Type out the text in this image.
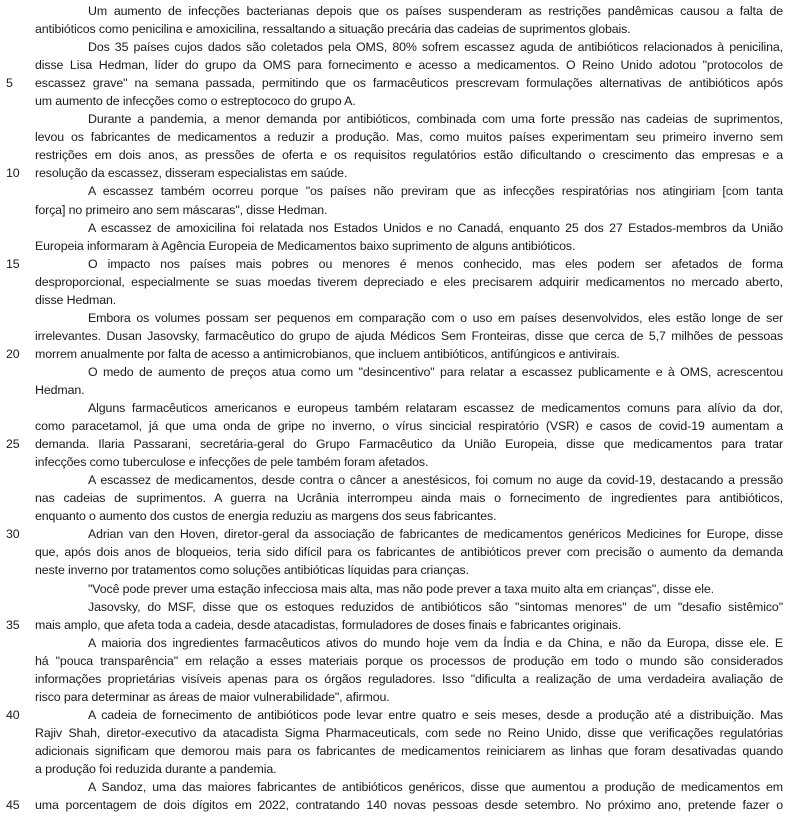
Um aumento de infecções bacterianas depois que os países suspenderam as restrições pandêmicas causou a falta de
antibióticos como penicilina e amoxicilina, ressaltando a situação precária das cadeias de suprimentos globais.
Dos 35 países cujos dados são coletados pela OMS, 80% sofrem escassez aguda de antibióticos relacionados à penicilina,
disse Lisa Hedman, líder do grupo da OMS para fornecimento e acesso a medicamentos. O Reino Unido adotou "protocolos de
5	escassez grave" na semana passada, permitindo que os farmacêuticos prescrevam formulações alternativas de antibióticos após
um aumento de infecções como o estreptococo do grupo A.
Durante a pandemia, a menor demanda por antibióticos, combinada com uma forte pressão nas cadeias de suprimentos,
levou os fabricantes de medicamentos a reduzir a produção. Mas, como muitos países experimentam seu primeiro inverno sem
restrições em dois anos, as pressões de oferta e os requisitos regulatórios estão dificultando o crescimento das empresas e a
10	resolução da escassez, disseram especialistas em saúde.
A escassez também ocorreu porque "os países não previram que as infecções respiratórias nos atingiriam [com tanta
força] no primeiro ano sem máscaras", disse Hedman.
A escassez de amoxicilina foi relatada nos Estados Unidos e no Canadá, enquanto 25 dos 27 Estados-membros da União
Europeia informaram à Agência Europeia de Medicamentos baixo suprimento de alguns antibióticos.
15	O impacto nos países mais pobres ou menores é menos conhecido, mas eles podem ser afetados de forma
desproporcional, especialmente se suas moedas tiverem depreciado e eles precisarem adquirir medicamentos no mercado aberto,
disse Hedman.
Embora os volumes possam ser pequenos em comparação com o uso em países desenvolvidos, eles estão longe de ser
irrelevantes. Dusan Jasovsky, farmacêutico do grupo de ajuda Médicos Sem Fronteiras, disse que cerca de 5,7 milhões de pessoas
20	morrem anualmente por falta de acesso a antimicrobianos, que incluem antibióticos, antifúngicos e antivirais.
O medo de aumento de preços atua como um "desincentivo" para relatar a escassez publicamente e à OMS, acrescentou
Hedman.
Alguns farmacêuticos americanos e europeus também relataram escassez de medicamentos comuns para alívio da dor,
como paracetamol, já que uma onda de gripe no inverno, o vírus sincicial respiratório (VSR) e casos de covid-19 aumentam a
25	demanda. Ilaria Passarani, secretária-geral do Grupo Farmacêutico da União Europeia, disse que medicamentos para tratar
infecções como tuberculose e infecções de pele também foram afetados.
A escassez de medicamentos, desde contra o câncer a anestésicos, foi comum no auge da covid-19, destacando a pressão
nas cadeias de suprimentos. A guerra na Ucrânia interrompeu ainda mais o fornecimento de ingredientes para antibióticos,
enquanto o aumento dos custos de energia reduziu as margens dos seus fabricantes.
30	Adrian van den Hoven, diretor-geral da associação de fabricantes de medicamentos genéricos Medicines for Europe, disse
que, após dois anos de bloqueios, teria sido difícil para os fabricantes de antibióticos prever com precisão o aumento da demanda
neste inverno por tratamentos como soluções antibióticas líquidas para crianças.
"Você pode prever uma estação infecciosa mais alta, mas não pode prever a taxa muito alta em crianças", disse ele.
Jasovsky, do MSF, disse que os estoques reduzidos de antibióticos são "sintomas menores" de um "desafio sistêmico"
35	mais amplo, que afeta toda a cadeia, desde atacadistas, formuladores de doses finais e fabricantes originais.
A maioria dos ingredientes farmacêuticos ativos do mundo hoje vem da Índia e da China, e não da Europa, disse ele. E
há "pouca transparência" em relação a esses materiais porque os processos de produção em todo o mundo são considerados
informações proprietárias visíveis apenas para os órgãos reguladores. Isso "dificulta a realização de uma verdadeira avaliação de
risco para determinar as áreas de maior vulnerabilidade", afirmou.
40	A cadeia de fornecimento de antibióticos pode levar entre quatro e seis meses, desde a produção até a distribuição. Mas
Rajiv Shah, diretor-executivo da atacadista Sigma Pharmaceuticals, com sede no Reino Unido, disse que verificações regulatórias
adicionais significam que demorou mais para os fabricantes de medicamentos reiniciarem as linhas que foram desativadas quando
a produção foi reduzida durante a pandemia.
A Sandoz, uma das maiores fabricantes de antibióticos genéricos, disse que aumentou a produção de medicamentos em
45	uma porcentagem de dois dígitos em 2022, contratando 140 novas pessoas desde setembro. No próximo ano, pretende fazer o
